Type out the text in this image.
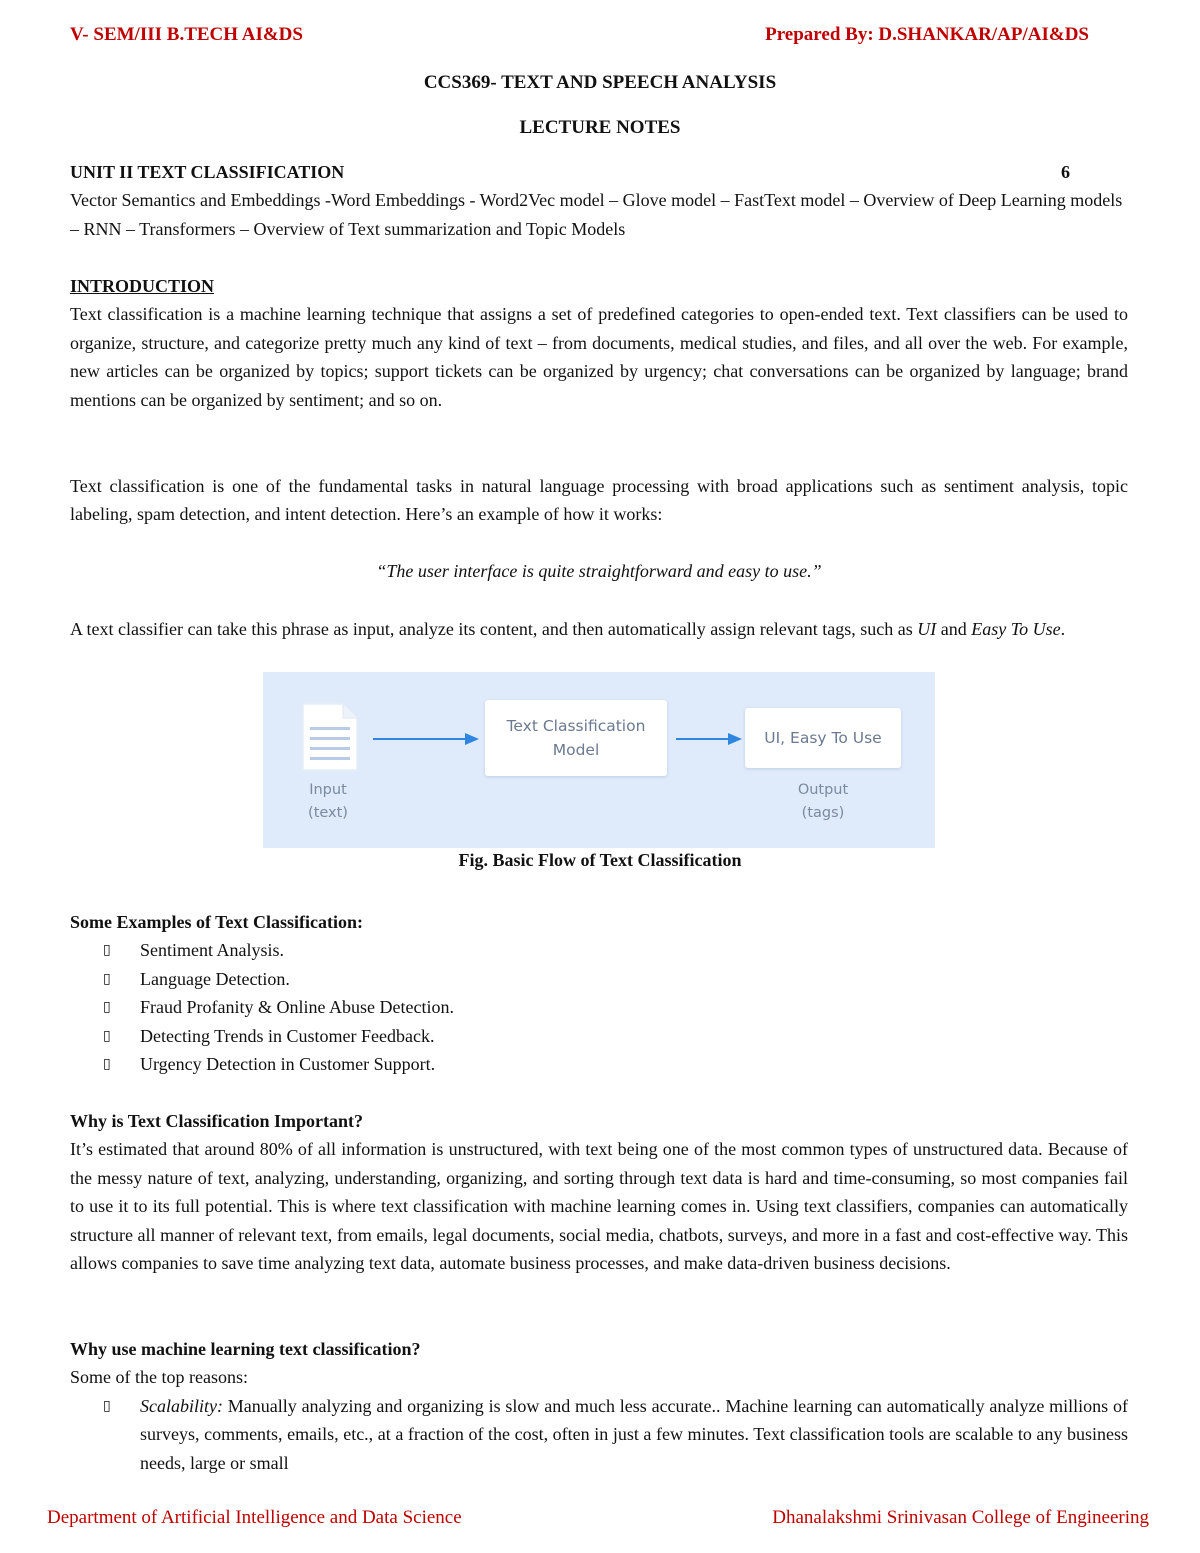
V- SEM/III B.TECH AI&DS	Prepared By: D.SHANKAR/AP/AI&DS
CCS369- TEXT AND SPEECH ANALYSIS
LECTURE NOTES
UNIT II TEXT CLASSIFICATION	6

Vector Semantics and Embeddings -Word Embeddings - Word2Vec model – Glove model – FastText model – Overview of Deep Learning models – RNN – Transformers – Overview of Text summarization and Topic Models

INTRODUCTION

Text classification is a machine learning technique that assigns a set of predefined categories to open-ended text. Text classifiers can be used to organize, structure, and categorize pretty much any kind of text – from documents, medical studies, and files, and all over the web. For example, new articles can be organized by topics; support tickets can be organized by urgency; chat conversations can be organized by language; brand mentions can be organized by sentiment; and so on.

Text classification is one of the fundamental tasks in natural language processing with broad applications such as sentiment analysis, topic labeling, spam detection, and intent detection. Here’s an example of how it works:

“The user interface is quite straightforward and easy to use.”

A text classifier can take this phrase as input, analyze its content, and then automatically assign relevant tags, such as UI and Easy To Use.

Input
(text)
Text Classification
Model
UI, Easy To Use
Output
(tags)
Fig. Basic Flow of Text Classification

Some Examples of Text Classification:

▯ Sentiment Analysis.
▯ Language Detection.
▯ Fraud Profanity & Online Abuse Detection.
▯ Detecting Trends in Customer Feedback.
▯ Urgency Detection in Customer Support.

Why is Text Classification Important?

It’s estimated that around 80% of all information is unstructured, with text being one of the most common types of unstructured data. Because of the messy nature of text, analyzing, understanding, organizing, and sorting through text data is hard and time-consuming, so most companies fail to use it to its full potential. This is where text classification with machine learning comes in. Using text classifiers, companies can automatically structure all manner of relevant text, from emails, legal documents, social media, chatbots, surveys, and more in a fast and cost-effective way. This allows companies to save time analyzing text data, automate business processes, and make data-driven business decisions.

Why use machine learning text classification?

Some of the top reasons:

▯ Scalability: Manually analyzing and organizing is slow and much less accurate.. Machine learning can automatically analyze millions of surveys, comments, emails, etc., at a fraction of the cost, often in just a few minutes. Text classification tools are scalable to any business needs, large or small
Department of Artificial Intelligence and Data Science	Dhanalakshmi Srinivasan College of Engineering
